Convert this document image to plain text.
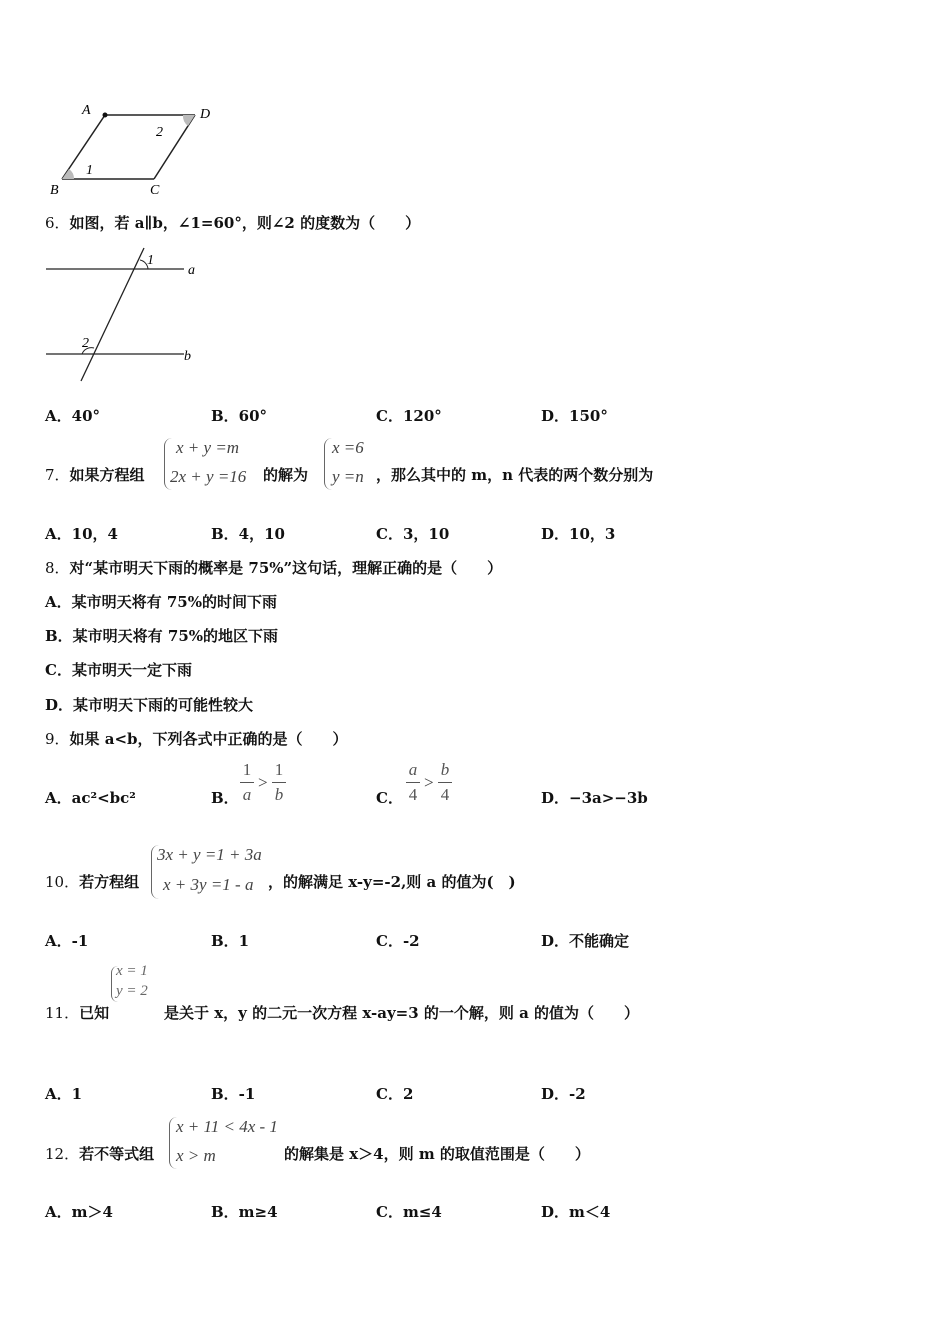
A	D
B	C
1
2
6．如图，若 a∥b，∠1=60°，则∠2 的度数为（　　）
1
a
2
b
A．40°	B．60°	C．120°	D．150°
7．如果方程组
x + y =m
2x + y =16 的解为
x =6
y =n ，那么其中的 m，n 代表的两个数分别为
A．10，4	B．4，10	C．3，10	D．10，3
8．对“某市明天下雨的概率是 75%”这句话，理解正确的是（　　）
A．某市明天将有 75%的时间下雨
B．某市明天将有 75%的地区下雨
C．某市明天一定下雨
D．某市明天下雨的可能性较大
9．如果 a<b，下列各式中正确的是（　　）
A．ac²<bc²	B．
1
a
>
1
b	C．
a
4
>
b
4	D．−3a>−3b
10．若方程组
3x + y =1 + 3a
x + 3y =1 - a ，的解满足 x-y=-2,则 a 的值为(　)
A．-1	B．1	C．-2	D．不能确定
x = 1
y = 2
11．已知	是关于 x，y 的二元一次方程 x-ay=3 的一个解，则 a 的值为（　　）
A．1	B．-1	C．2	D．-2
12．若不等式组
x + 11 < 4x - 1
x > m	的解集是 x＞4，则 m 的取值范围是（　　）
A．m＞4	B．m≥4	C．m≤4	D．m＜4
